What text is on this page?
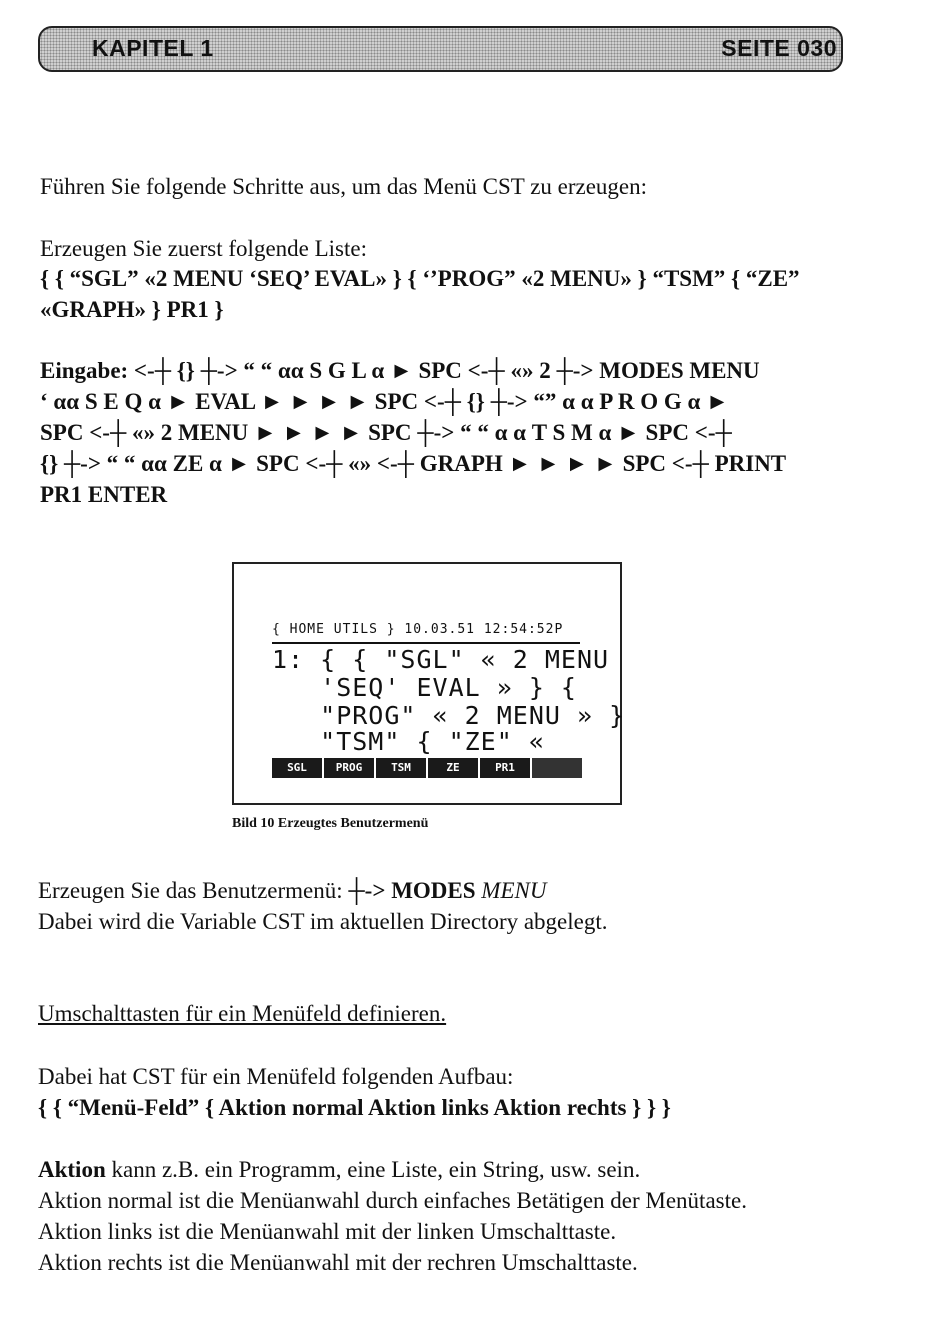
KAPITEL 1	SEITE 030
Führen Sie folgende Schritte aus, um das Menü CST zu erzeugen:
Erzeugen Sie zuerst folgende Liste:
{ { “SGL” «2 MENU ‘SEQ’ EVAL» } { ‘’PROG” «2 MENU» } “TSM” { “ZE”
«GRAPH» } PR1 }
Eingabe: <-┼ {} ┼-> “ “ αα S G L α ► SPC <-┼ «» 2 ┼-> MODES MENU
‘ αα S E Q α ► EVAL ► ► ► ► SPC <-┼ {} ┼-> “” α α P R O G α ►
SPC <-┼ «» 2 MENU ► ► ► ► SPC ┼-> “ “ α α T S M α ► SPC <-┼
{} ┼-> “ “ αα ZE α ► SPC <-┼ «» <-┼ GRAPH ► ► ► ► SPC <-┼ PRINT
PR1 ENTER
{ HOME UTILS } 10.03.51 12:54:52P
1: { { "SGL" « 2 MENU
'SEQ' EVAL » } {
"PROG" « 2 MENU » }
"TSM" { "ZE" «
SGL	PROG	TSM	ZE	PR1
Bild 10 Erzeugtes Benutzermenü
Erzeugen Sie das Benutzermenü: ┼-> MODES MENU
Dabei wird die Variable CST im aktuellen Directory abgelegt.
Umschalttasten für ein Menüfeld definieren.
Dabei hat CST für ein Menüfeld folgenden Aufbau:
{ { “Menü-Feld” { Aktion normal Aktion links Aktion rechts } } }
Aktion kann z.B. ein Programm, eine Liste, ein String, usw. sein.
Aktion normal ist die Menüanwahl durch einfaches Betätigen der Menütaste.
Aktion links ist die Menüanwahl mit der linken Umschalttaste.
Aktion rechts ist die Menüanwahl mit der rechren Umschalttaste.
